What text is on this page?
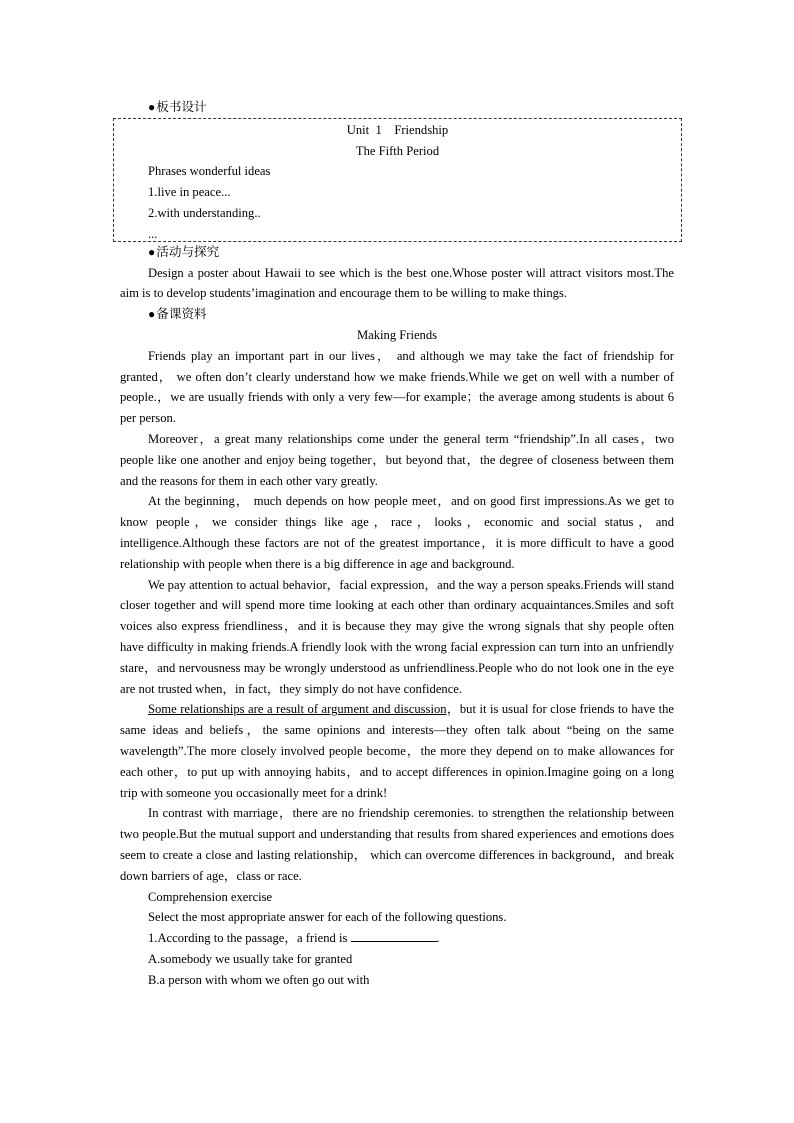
●板书设计
Unit  1    Friendship
The Fifth Period
Phrases wonderful ideas
1.live in peace...
2.with understanding..
...
●活动与探究

Design a poster about Hawaii to see which is the best one.Whose poster will attract visitors most.The aim is to develop students’imagination and encourage them to be willing to make things.

●备课资料
Making Friends

Friends play an important part in our lives， and although we may take the fact of friendship for granted， we often don’t clearly understand how we make friends.While we get on well with a number of people.，we are usually friends with only a very few—for example；the average among students is about 6 per person.

Moreover，a great many relationships come under the general term “friendship”.In all cases，two people like one another and enjoy being together，but beyond that，the degree of closeness between them and the reasons for them in each other vary greatly.

At the beginning， much depends on how people meet，and on good first impressions.As we get to know people，we consider things like age，race，looks，economic and social status，and intelligence.Although these factors are not of the greatest importance，it is more difficult to have a good relationship with people when there is a big difference in age and background.

We pay attention to actual behavior，facial expression，and the way a person speaks.Friends will stand closer together and will spend more time looking at each other than ordinary acquaintances.Smiles and soft voices also express friendliness，and it is because they may give the wrong signals that shy people often have difficulty in making friends.A friendly look with the wrong facial expression can turn into an unfriendly stare，and nervousness may be wrongly understood as unfriendliness.People who do not look one in the eye are not trusted when，in fact，they simply do not have confidence.

Some relationships are a result of argument and discussion，but it is usual for close friends to have the same ideas and beliefs，the same opinions and interests—they often talk about “being on the same wavelength”.The more closely involved people become，the more they depend on to make allowances for each other，to put up with annoying habits，and to accept differences in opinion.Imagine going on a long trip with someone you occasionally meet for a drink!

In contrast with marriage，there are no friendship ceremonies. to strengthen the relationship between two people.But the mutual support and understanding that results from shared experiences and emotions does seem to create a close and lasting relationship， which can overcome differences in background，and break down barriers of age，class or race.

Comprehension exercise

Select the most appropriate answer for each of the following questions.

1.According to the passage，a friend is	.

A.somebody we usually take for granted

B.a person with whom we often go out with
